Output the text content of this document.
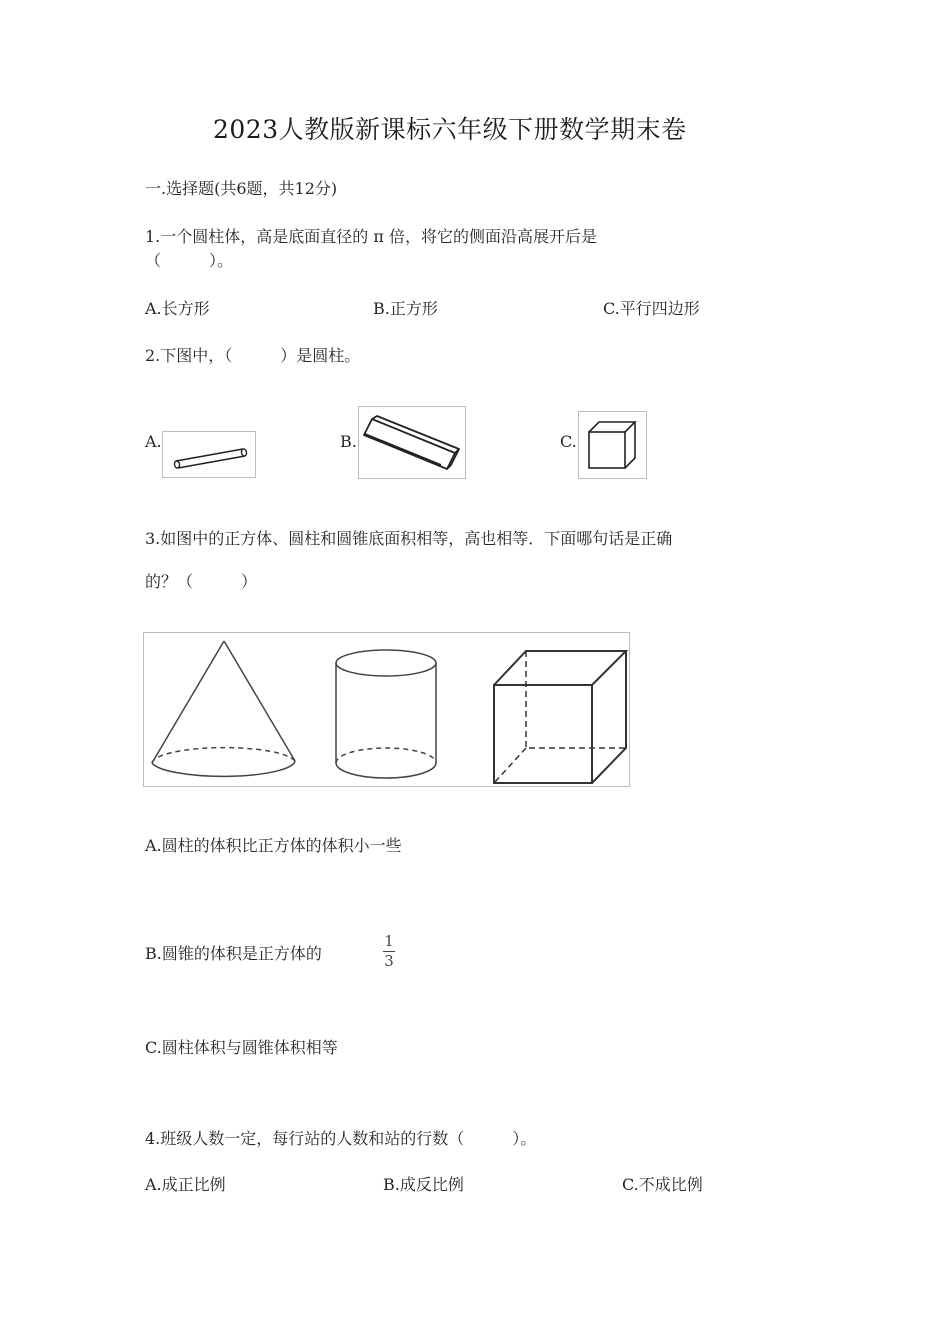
2023人教版新课标六年级下册数学期末卷
一.选择题(共6题，共12分)
1.一个圆柱体，高是底面直径的 π 倍，将它的侧面沿高展开后是
（　　　）。
A.长方形	B.正方形	C.平行四边形
2.下图中，（　　　）是圆柱。
A.	B.	C.
3.如图中的正方体、圆柱和圆锥底面积相等，高也相等．下面哪句话是正确
的？（　　　）
A.圆柱的体积比正方体的体积小一些
B.圆锥的体积是正方体的
1
3
C.圆柱体积与圆锥体积相等
4.班级人数一定，每行站的人数和站的行数（　　　）。
A.成正比例	B.成反比例	C.不成比例
